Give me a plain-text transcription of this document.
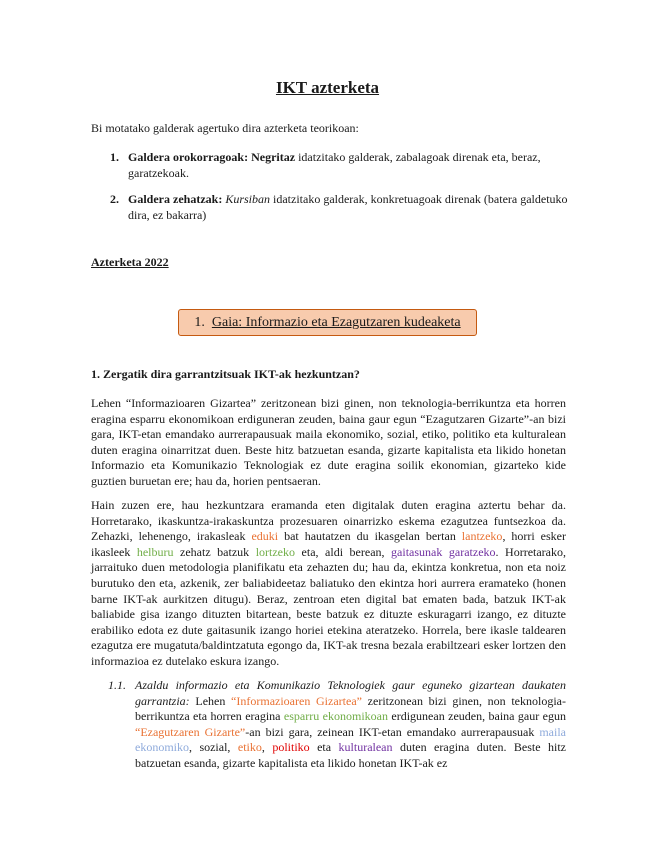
IKT azterketa
Bi motatako galderak agertuko dira azterketa teorikoan:
1. Galdera orokorragoak: Negritaz idatzitako galderak, zabalagoak direnak eta, beraz, garatzekoak.
2. Galdera zehatzak: Kursiban idatzitako galderak, konkretuagoak direnak (batera galdetuko dira, ez bakarra)
Azterketa 2022
1. Gaia: Informazio eta Ezagutzaren kudeaketa
1. Zergatik dira garrantzitsuak IKT-ak hezkuntzan?
Lehen “Informazioaren Gizartea” zeritzonean bizi ginen, non teknologia-berrikuntza eta horren eragina esparru ekonomikoan erdiguneran zeuden, baina gaur egun “Ezagutzaren Gizarte”-an bizi gara, IKT-etan emandako aurrerapausuak maila ekonomiko, sozial, etiko, politiko eta kulturalean duten eragina oinarritzat duen. Beste hitz batzuetan esanda, gizarte kapitalista eta likido honetan Informazio eta Komunikazio Teknologiak ez dute eragina soilik ekonomian, gizarteko kide guztien buruetan ere; hau da, horien pentsaeran.
Hain zuzen ere, hau hezkuntzara eramanda eten digitalak duten eragina aztertu behar da. Horretarako, ikaskuntza-irakaskuntza prozesuaren oinarrizko eskema ezagutzea funtsezkoa da. Zehazki, lehenengo, irakasleak eduki bat hautatzen du ikasgelan bertan lantzeko, horri esker ikasleek helburu zehatz batzuk lortzeko eta, aldi berean, gaitasunak garatzeko. Horretarako, jarraituko duen metodologia planifikatu eta zehazten du; hau da, ekintza konkretua, non eta noiz burutuko den eta, azkenik, zer baliabideetaz baliatuko den ekintza hori aurrera eramateko (honen barne IKT-ak aurkitzen ditugu). Beraz, zentroan eten digital bat ematen bada, batzuk IKT-ak baliabide gisa izango dituzten bitartean, beste batzuk ez dituzte eskuragarri izango, ez dituzte erabiliko edota ez dute gaitasunik izango horiei etekina ateratzeko. Horrela, bere ikasle taldearen ezagutza ere mugatuta/baldintzatuta egongo da, IKT-ak tresna bezala erabiltzeari esker lortzen den informazioa ez dutelako eskura izango.
1.1. Azaldu informazio eta Komunikazio Teknologiek gaur eguneko gizartean daukaten garrantzia: Lehen “Informazioaren Gizartea” zeritzonean bizi ginen, non teknologia-berrikuntza eta horren eragina esparru ekonomikoan erdigunean zeuden, baina gaur egun “Ezagutzaren Gizarte”-an bizi gara, zeinean IKT-etan emandako aurrerapausuak maila ekonomiko, sozial, etiko, politiko eta kulturalean duten eragina duten. Beste hitz batzuetan esanda, gizarte kapitalista eta likido honetan IKT-ak ez
